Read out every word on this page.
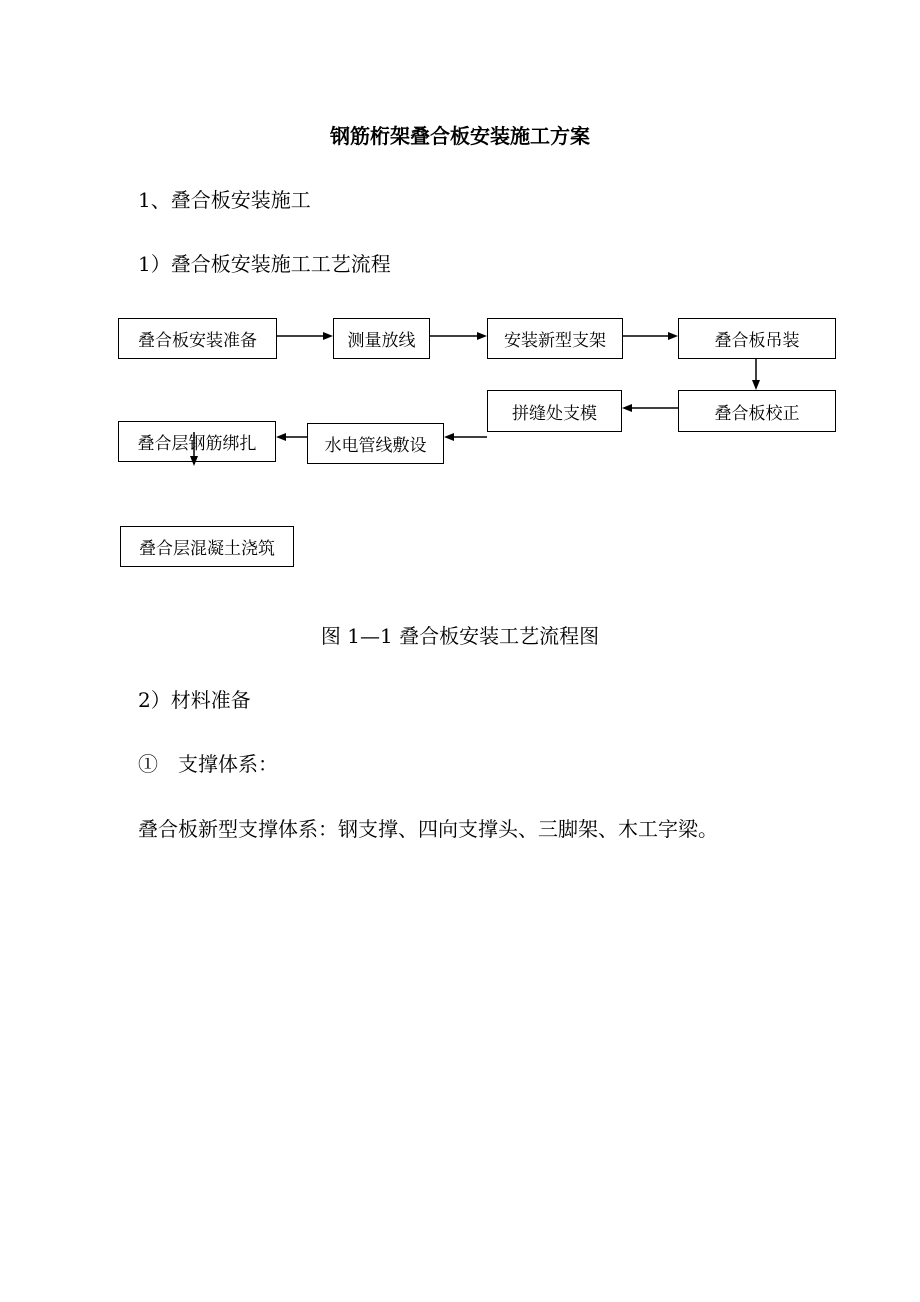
钢筋桁架叠合板安装施工方案
1、叠合板安装施工
1）叠合板安装施工工艺流程
叠合板安装准备	测量放线	安装新型支架	叠合板吊装
叠合板校正
拼缝处支模
水电管线敷设
叠合层钢筋绑扎
叠合层混凝土浇筑
图 1—1 叠合板安装工艺流程图
2）材料准备
①　支撑体系：
叠合板新型支撑体系：钢支撑、四向支撑头、三脚架、木工字梁。
